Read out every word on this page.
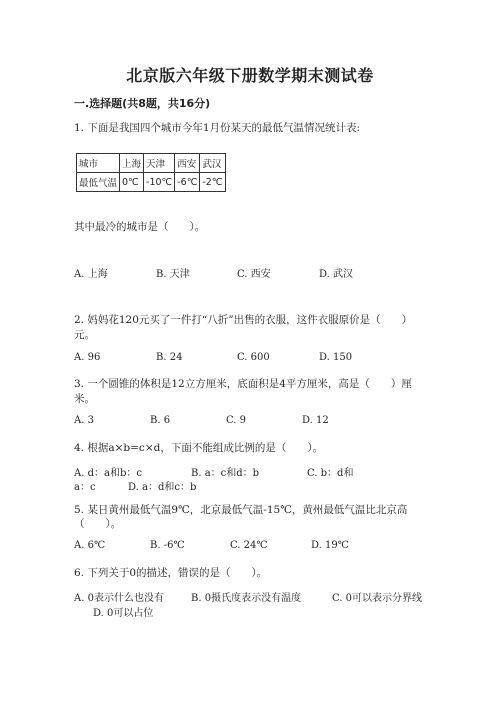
北京版六年级下册数学期末测试卷
一.选择题(共8题，共16分)
1. 下面是我国四个城市今年1月份某天的最低气温情况统计表:
城市	上海	天津	西安	武汉
最低气温	0℃	-10℃	-6℃	-2℃
其中最冷的城市是（　　）。
A. 上海	B. 天津	C. 西安	D. 武汉
2. 妈妈花120元买了一件打“八折”出售的衣服，这件衣服原价是（　　）
元。
A. 96	B. 24	C. 600	D. 150
3. 一个圆锥的体积是12立方厘米，底面积是4平方厘米，高是（　　）厘
米。
A. 3	B. 6	C. 9	D. 12
4. 根据a×b=c×d，下面不能组成比例的是（　　）。
A. d：a和b：c	B. a：c和d：b	C. b：d和
a：c	D. a：d和c：b
5. 某日黄州最低气温9℃，北京最低气温-15℃，黄州最低气温比北京高
（　　）。
A. 6℃	B. -6℃	C. 24℃	D. 19℃
6. 下列关于0的描述，错误的是（　　）。
A. 0表示什么也没有	B. 0摄氏度表示没有温度	C. 0可以表示分界线
D. 0可以占位
